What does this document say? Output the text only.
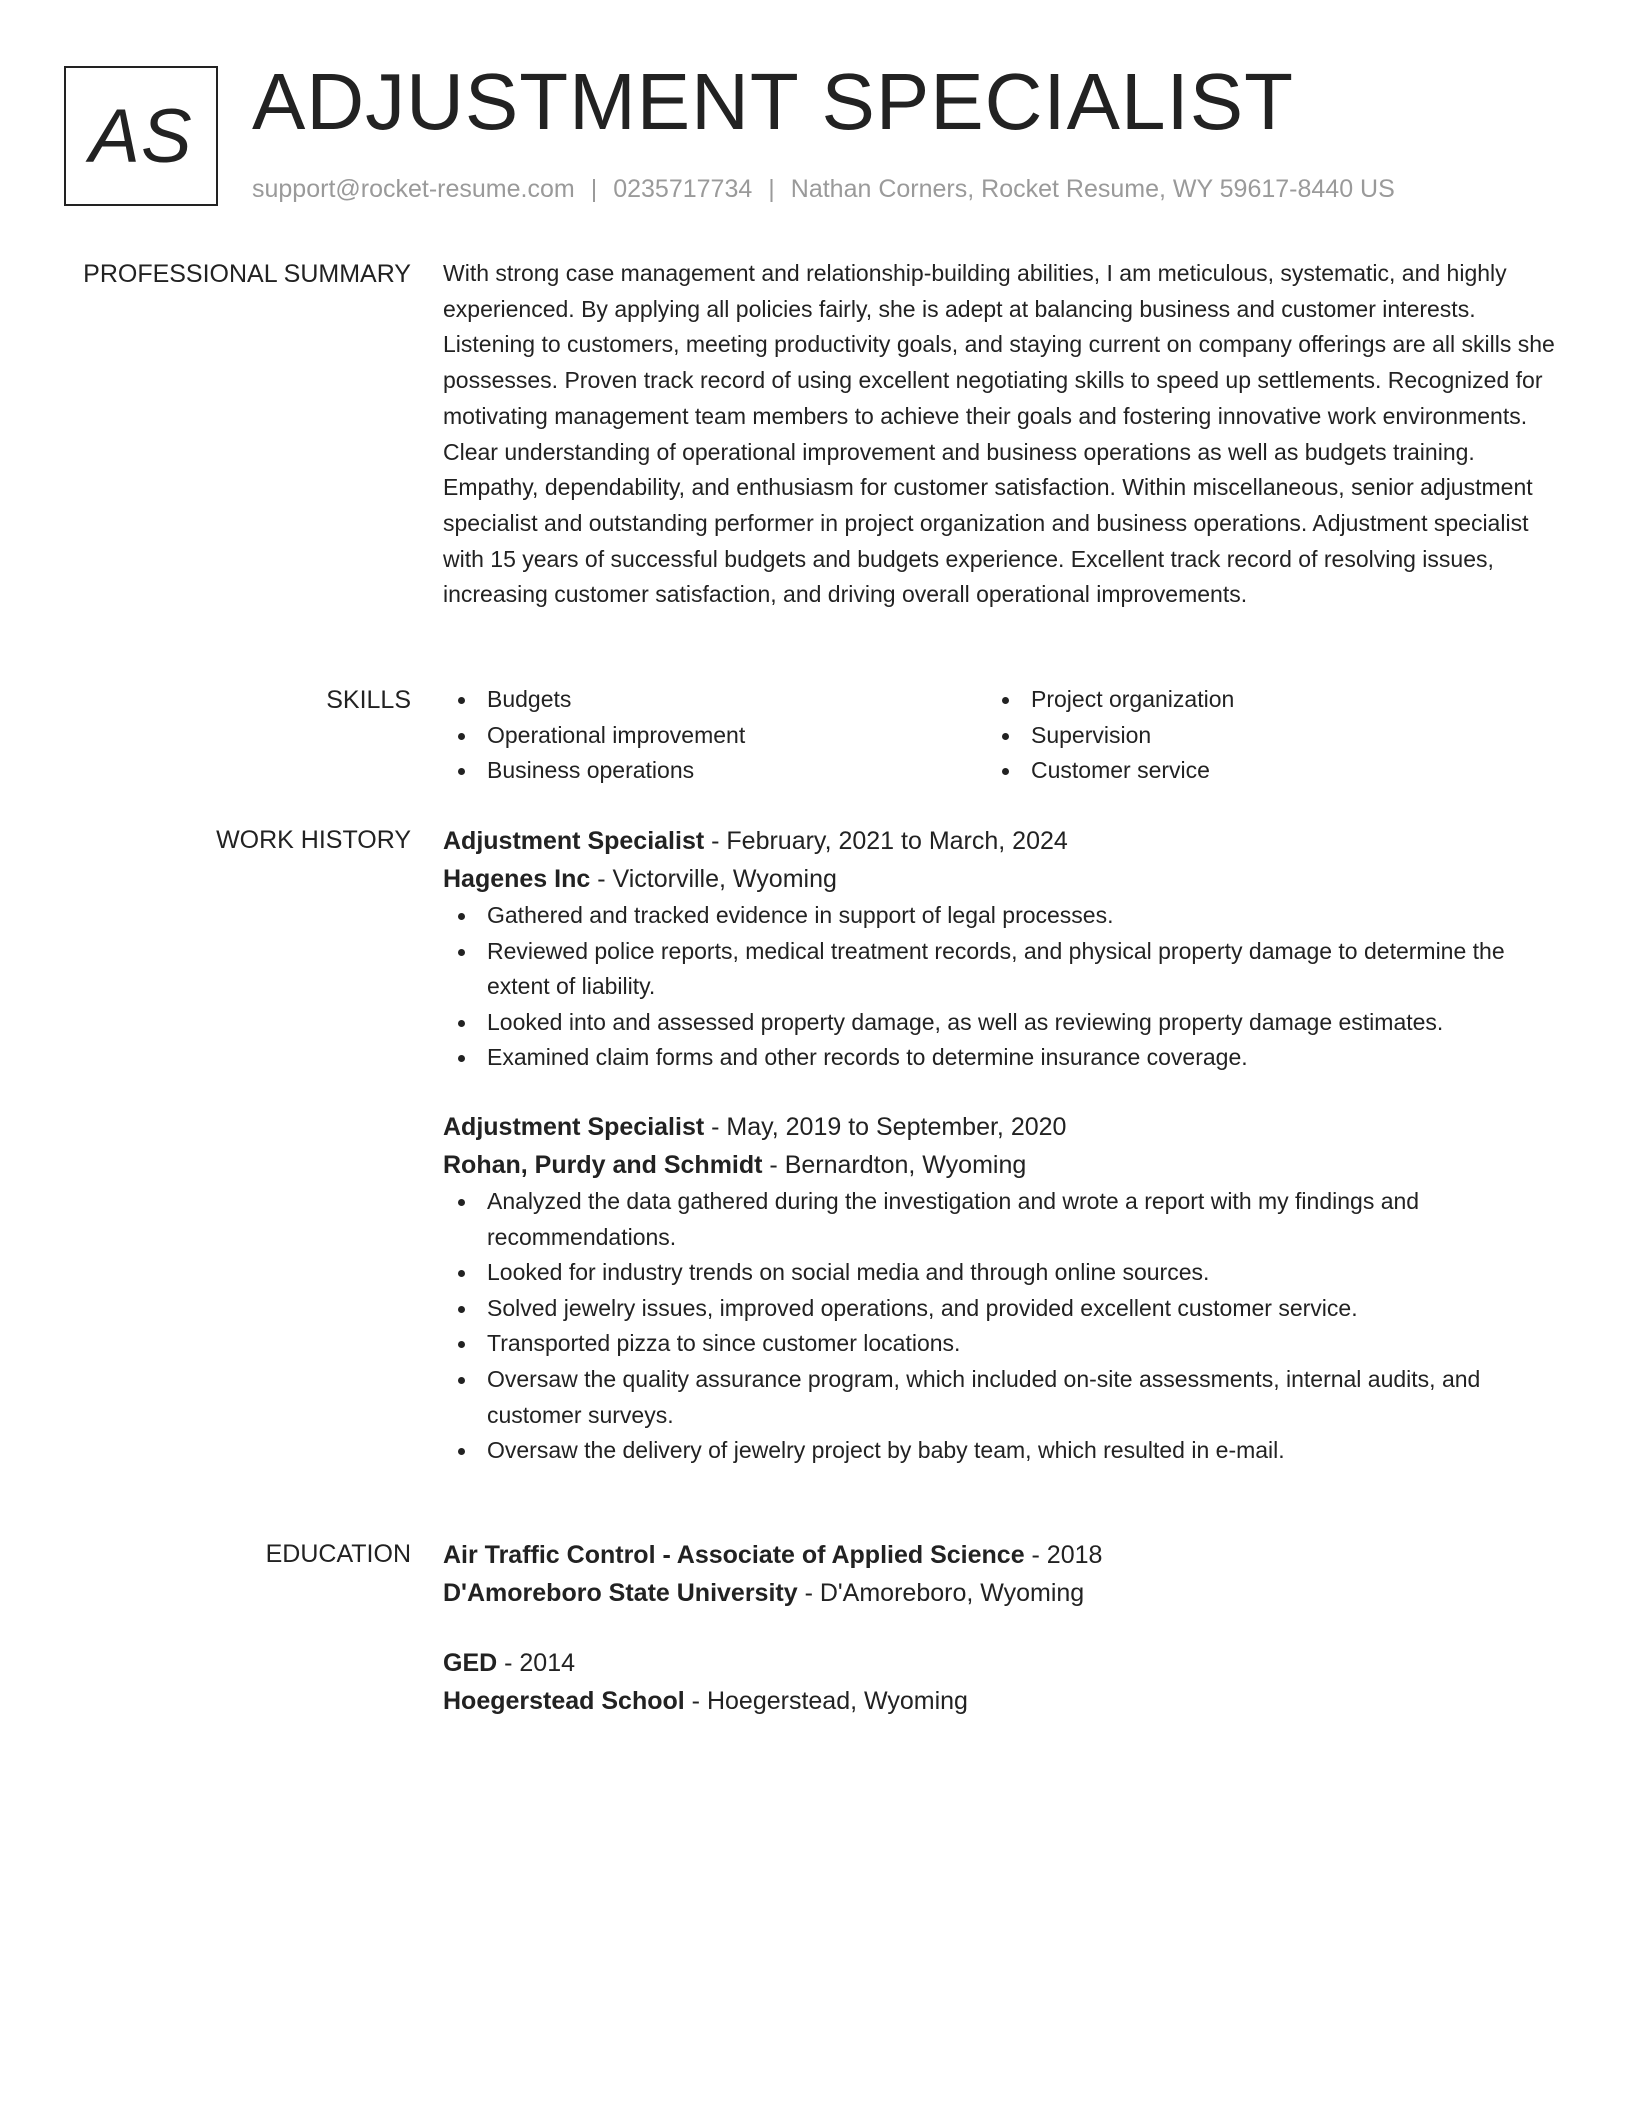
AS ADJUSTMENT SPECIALIST
support@rocket-resume.com | 0235717734 | Nathan Corners, Rocket Resume, WY 59617-8440 US
PROFESSIONAL SUMMARY With strong case management and relationship-building abilities, I am meticulous, systematic, and highly experienced. By applying all policies fairly, she is adept at balancing business and customer interests. Listening to customers, meeting productivity goals, and staying current on company offerings are all skills she possesses. Proven track record of using excellent negotiating skills to speed up settlements. Recognized for motivating management team members to achieve their goals and fostering innovative work environments. Clear understanding of operational improvement and business operations as well as budgets training. Empathy, dependability, and enthusiasm for customer satisfaction. Within miscellaneous, senior adjustment specialist and outstanding performer in project organization and business operations. Adjustment specialist with 15 years of successful budgets and budgets experience. Excellent track record of resolving issues, increasing customer satisfaction, and driving overall operational improvements.

SKILLS	Budgets
Operational improvement
Business operations
Project organization
Supervision
Customer service
WORK HISTORY Adjustment Specialist - February, 2021 to March, 2024
Hagenes Inc - Victorville, Wyoming
Gathered and tracked evidence in support of legal processes.
Reviewed police reports, medical treatment records, and physical property damage to determine the extent of liability.
Looked into and assessed property damage, as well as reviewing property damage estimates.
Examined claim forms and other records to determine insurance coverage.
Adjustment Specialist - May, 2019 to September, 2020
Rohan, Purdy and Schmidt - Bernardton, Wyoming
Analyzed the data gathered during the investigation and wrote a report with my findings and recommendations.
Looked for industry trends on social media and through online sources.
Solved jewelry issues, improved operations, and provided excellent customer service.
Transported pizza to since customer locations.
Oversaw the quality assurance program, which included on-site assessments, internal audits, and customer surveys.
Oversaw the delivery of jewelry project by baby team, which resulted in e-mail.
EDUCATION Air Traffic Control - Associate of Applied Science - 2018
D'Amoreboro State University - D'Amoreboro, Wyoming
GED - 2014
Hoegerstead School - Hoegerstead, Wyoming
